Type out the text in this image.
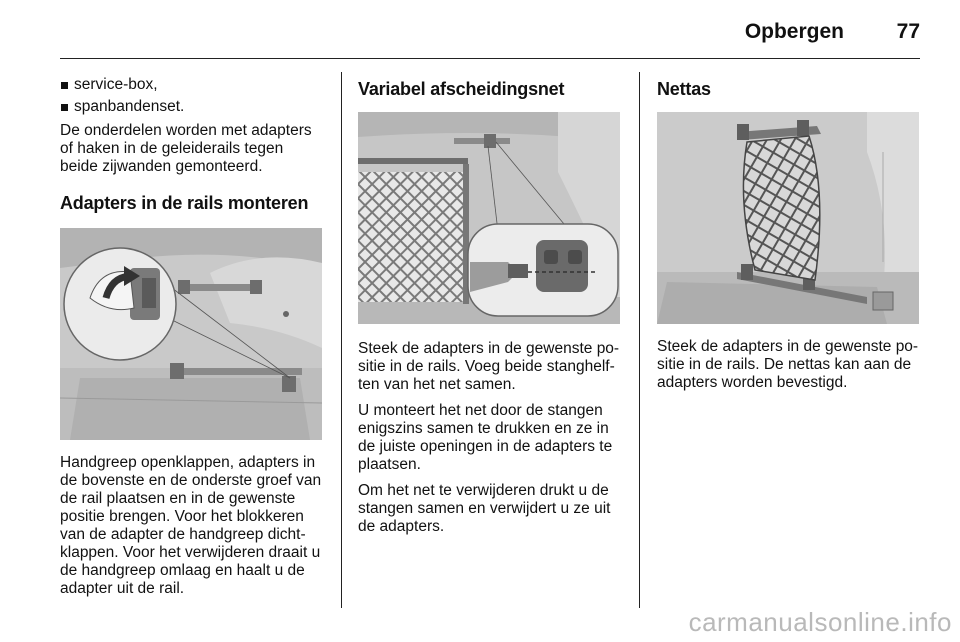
Opbergen	77
service-box,
spanbandenset.

De onderdelen worden met adapters of haken in de geleiderails tegen beide zijwanden gemonteerd.

Adapters in de rails monteren

Handgreep openklappen, adapters in de bovenste en de onderste groef van de rail plaatsen en in de gewenste positie brengen. Voor het blokkeren van de adapter de handgreep dicht-klappen. Voor het verwijderen draait u de handgreep omlaag en haalt u de adapter uit de rail.

Variabel afscheidingsnet

Steek de adapters in de gewenste po-sitie in de rails. Voeg beide stanghelf-ten van het net samen.

U monteert het net door de stangen enigszins samen te drukken en ze in de juiste openingen in de adapters te plaatsen.

Om het net te verwijderen drukt u de stangen samen en verwijdert u ze uit de adapters.

Nettas

Steek de adapters in de gewenste po-sitie in de rails. De nettas kan aan de adapters worden bevestigd.

carmanualsonline.info
